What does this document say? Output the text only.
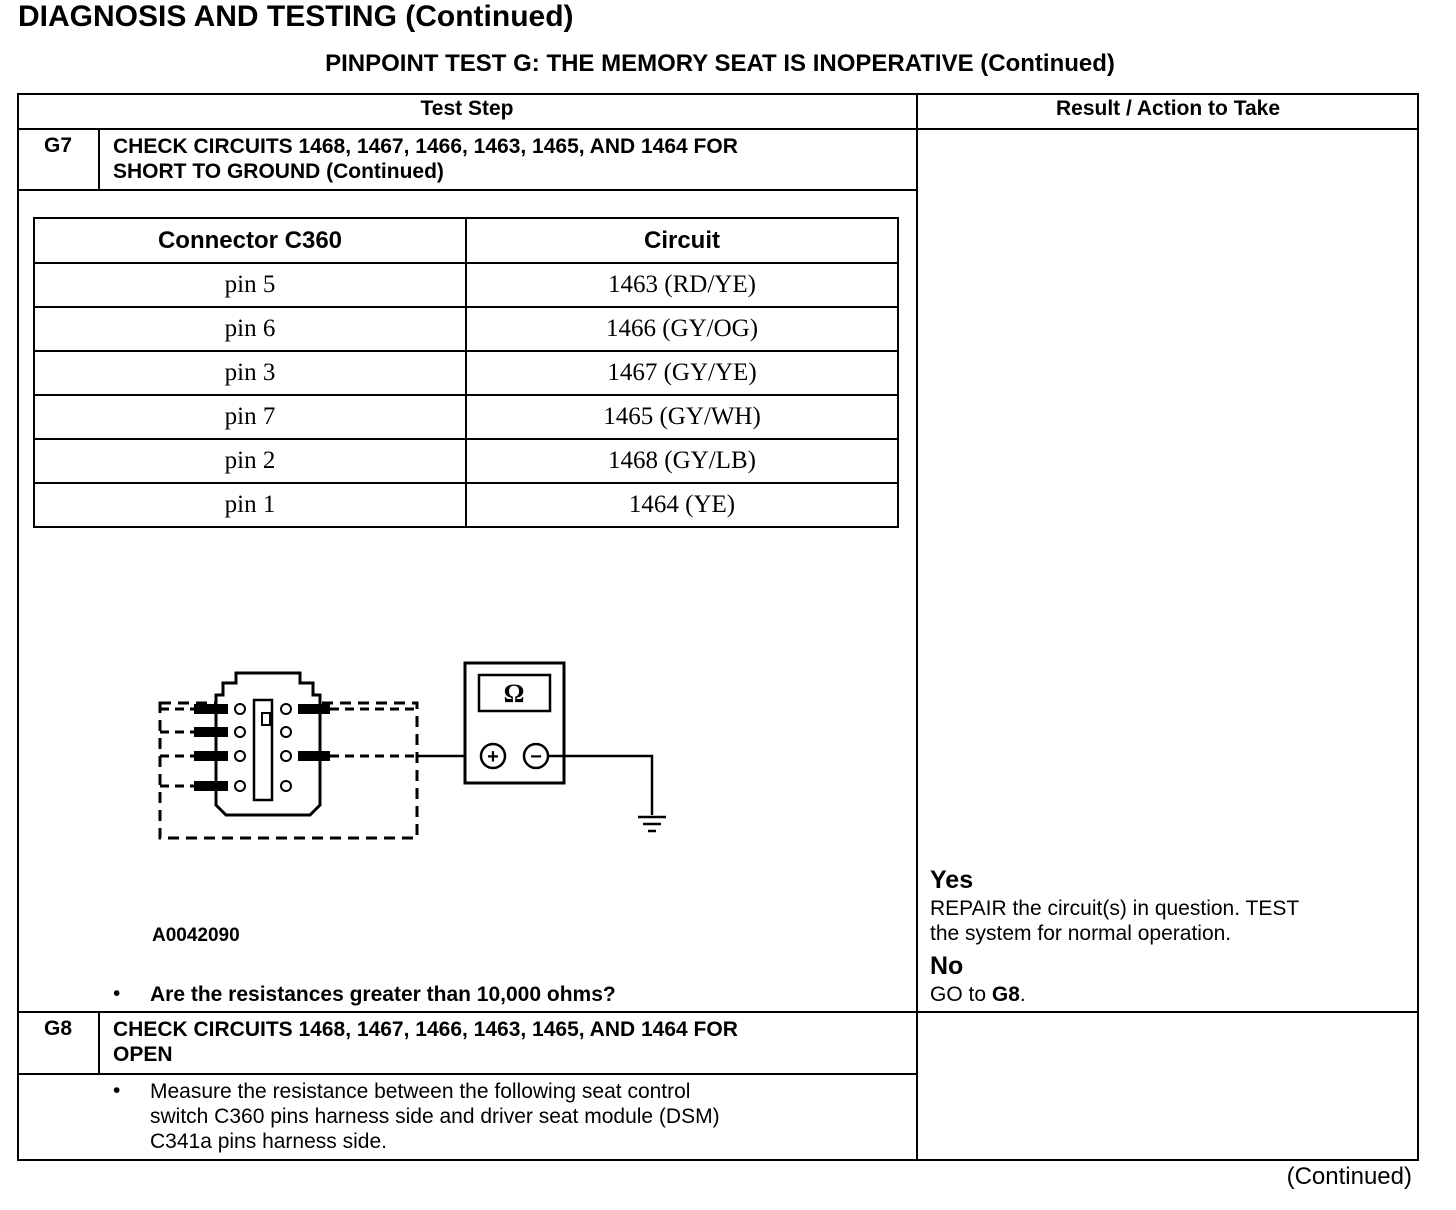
DIAGNOSIS AND TESTING (Continued)
PINPOINT TEST G: THE MEMORY SEAT IS INOPERATIVE (Continued)
Test Step	Result / Action to Take
G7	CHECK CIRCUITS 1468, 1467, 1466, 1463, 1465, AND 1464 FOR
SHORT TO GROUND (Continued)
Connector C360	Circuit
pin 5	1463 (RD/YE)
pin 6	1466 (GY/OG)
pin 3	1467 (GY/YE)
pin 7	1465 (GY/WH)
pin 2	1468 (GY/LB)
pin 1	1464 (YE)
Ω
+ −
A0042090
• Are the resistances greater than 10,000 ohms?
Yes
REPAIR the circuit(s) in question. TEST
the system for normal operation.
No
GO to G8.
G8	CHECK CIRCUITS 1468, 1467, 1466, 1463, 1465, AND 1464 FOR
OPEN
• Measure the resistance between the following seat control
switch C360 pins harness side and driver seat module (DSM)
C341a pins harness side.
(Continued)
